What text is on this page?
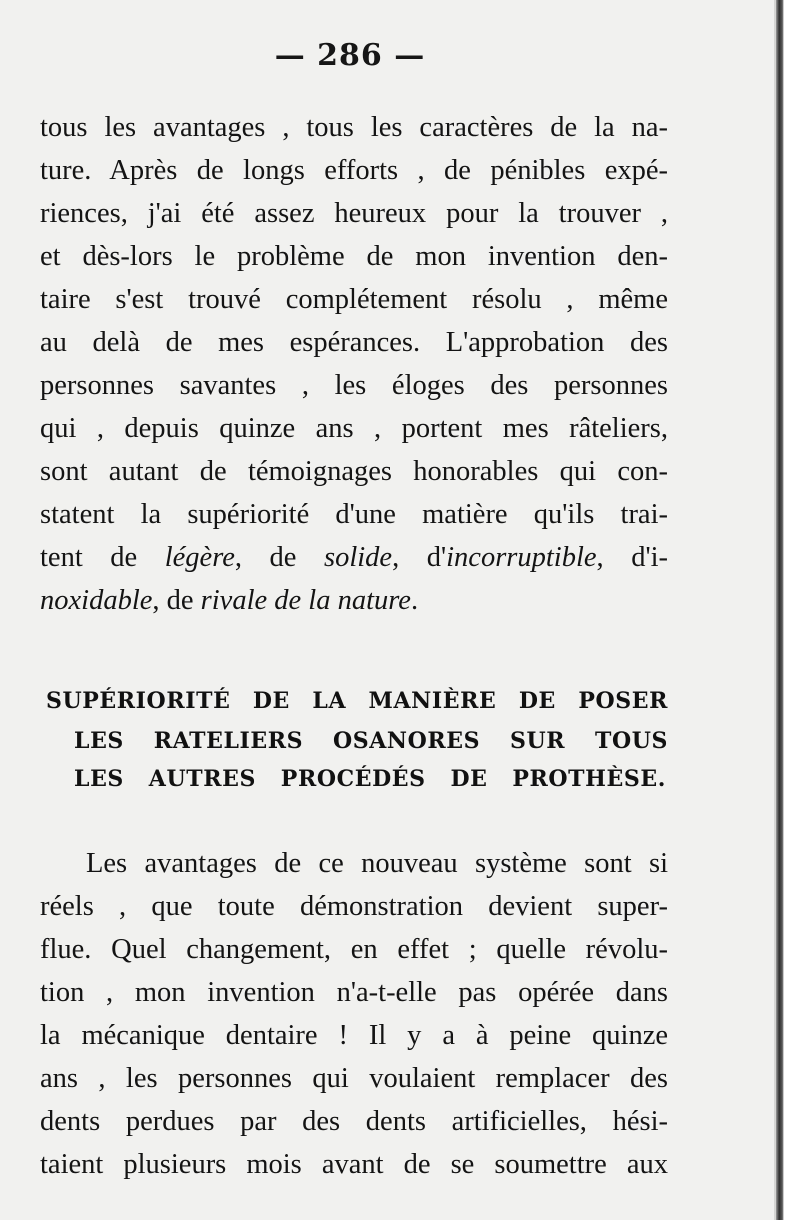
— 286 —
tous les avantages , tous les caractères de la na-
ture. Après de longs efforts , de pénibles expé-
riences, j'ai été assez heureux pour la trouver ,
et dès-lors le problème de mon invention den-
taire s'est trouvé complétement résolu , même
au delà de mes espérances. L'approbation des
personnes savantes , les éloges des personnes
qui , depuis quinze ans , portent mes râteliers,
sont autant de témoignages honorables qui con-
statent la supériorité d'une matière qu'ils trai-
tent de légère, de solide, d'incorruptible, d'i-
noxidable, de rivale de la nature.
SUPÉRIORITÉ DE LA MANIÈRE DE POSER
LES RATELIERS OSANORES SUR TOUS
LES AUTRES PROCÉDÉS DE PROTHÈSE.
Les avantages de ce nouveau système sont si
réels , que toute démonstration devient super-
flue. Quel changement, en effet ; quelle révolu-
tion , mon invention n'a-t-elle pas opérée dans
la mécanique dentaire ! Il y a à peine quinze
ans , les personnes qui voulaient remplacer des
dents perdues par des dents artificielles, hési-
taient plusieurs mois avant de se soumettre aux
